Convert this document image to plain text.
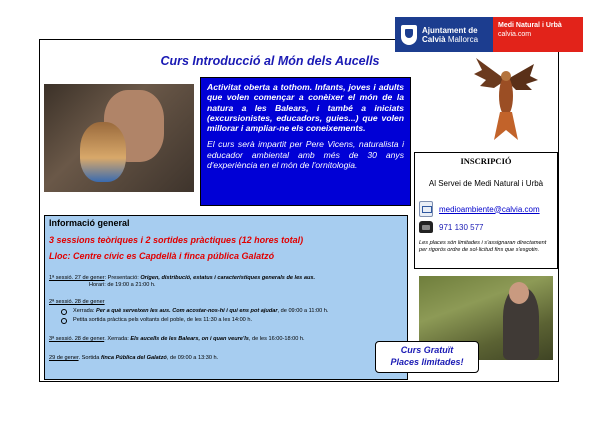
Ajuntament de
Calvià Mallorca
Medi Natural i Urbà
calvia.com
Curs Introducció al Món dels Aucells
Activitat oberta a tothom. Infants, joves i adults que volen començar a conèixer el món de la natura a les Balears, i també a iniciats (excursionistes, educadors, guies...) que volen millorar i ampliar-ne els coneixements.
El curs serà impartit per Pere Vicens, naturalista i educador ambiental amb més de 30 anys d'experiència en el món de l'ornitologia.	INSCRIPCIÓ
Al Servei de Medi Natural i Urbà
medioambiente@calvia.com
971 130 577
Les places són limitades i s'assignaran directament per rigorós ordre de sol·licitud fins que s'esgotin.
Informació general
3 sessions teòriques i 2 sortides pràctiques (12 hores total)
Lloc: Centre cívic es Capdellà i finca pública Galatzó
1ª sessió. 27 de gener: Presentació: Origen, distribució, estatus i característiques generals de les aus.
Horari: de 19:00 a 21:00 h.
2ª sessió. 28 de gener
Xerrada: Per a què serveixen les aus. Com acostar-nos-hi i qui ens pot ajudar, de 09:00 a 11:00 h.
Petita sortida pràctica pels voltants del poble, de les 11:30 a les 14:00 h.
3ª sessió. 28 de gener. Xerrada: Els aucells de les Balears, on i quan veure'ls, de les 16:00-18:00 h.
29 de gener. Sortida finca Pública del Galatzó, de 09:00 a 13:30 h.
Curs Gratuït
Places limitades!
